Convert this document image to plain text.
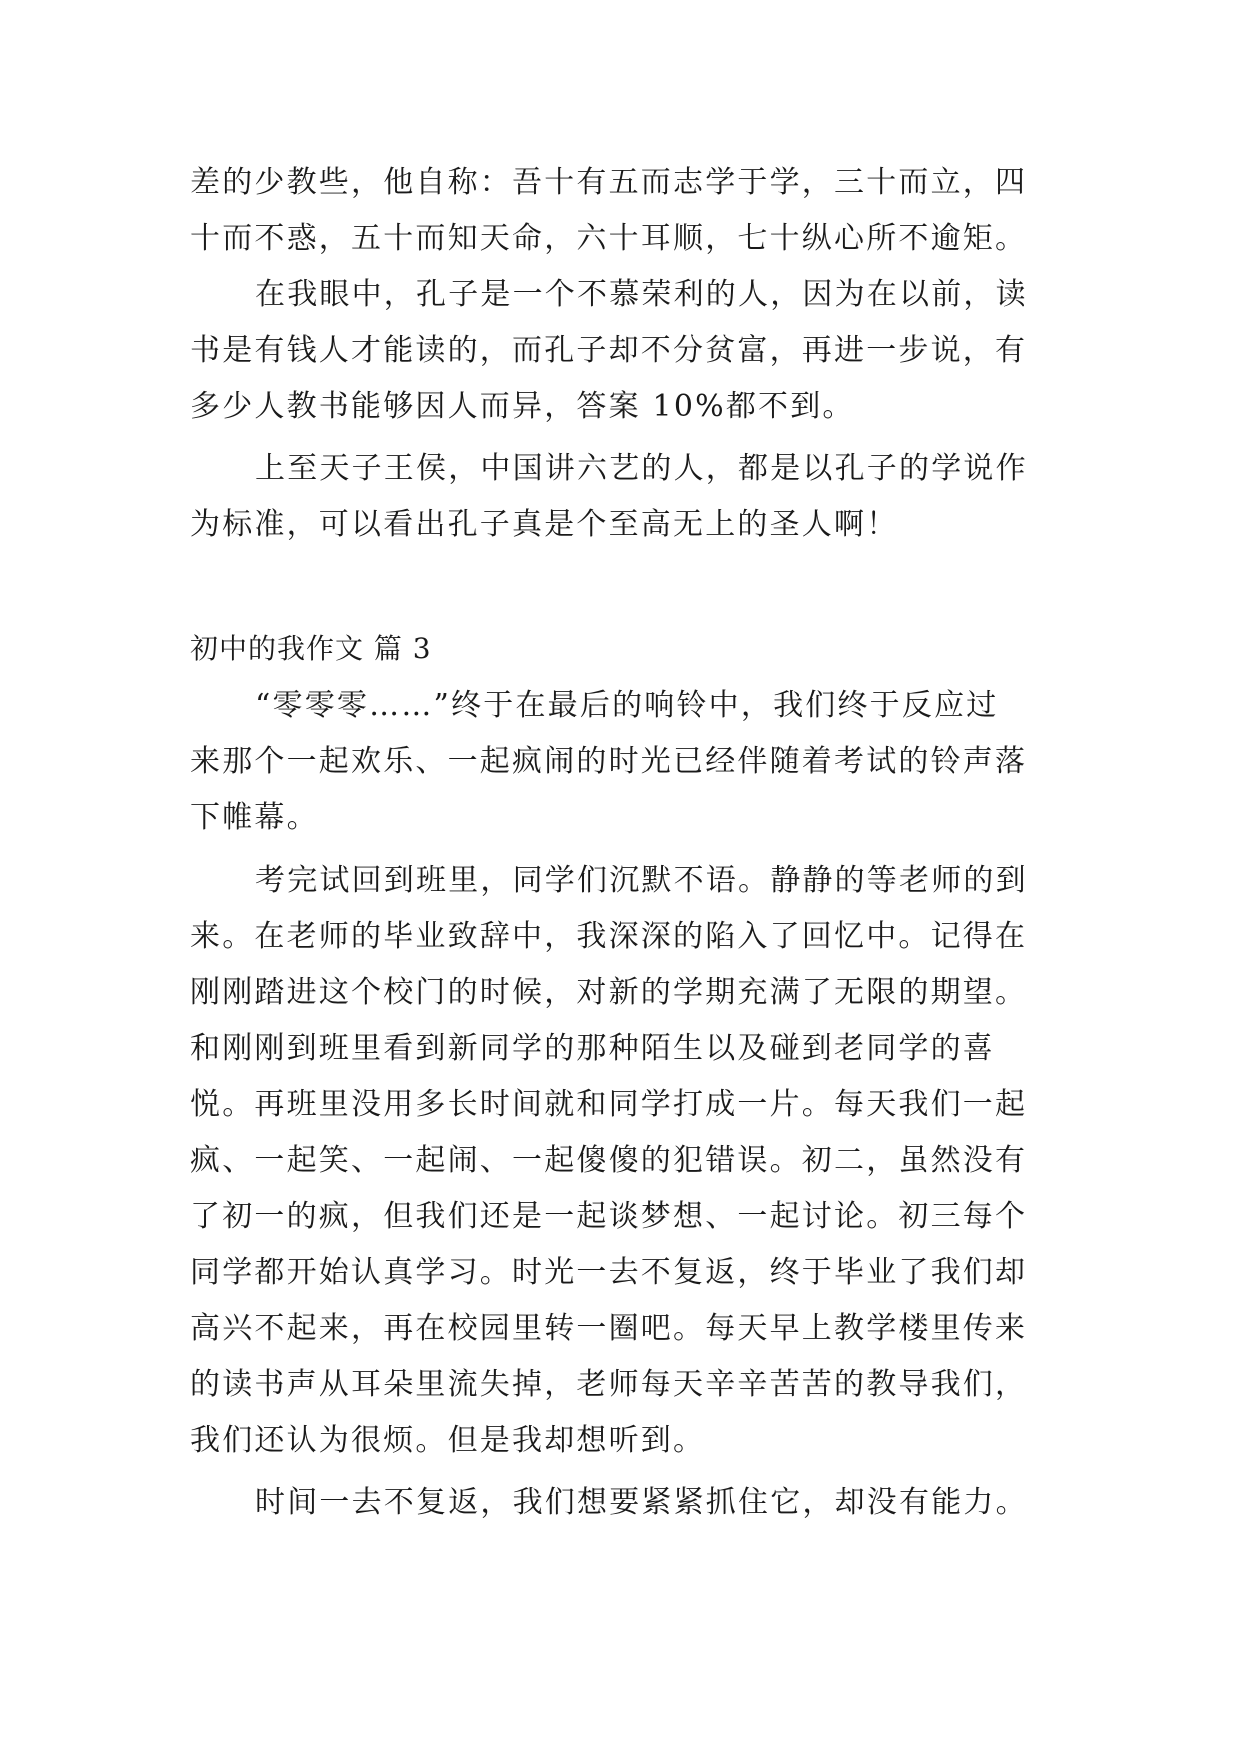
差的少教些，他自称：吾十有五而志学于学，三十而立，四
十而不惑，五十而知天命，六十耳顺，七十纵心所不逾矩。
在我眼中，孔子是一个不慕荣利的人，因为在以前，读
书是有钱人才能读的，而孔子却不分贫富，再进一步说，有
多少人教书能够因人而异，答案 10%都不到。
上至天子王侯，中国讲六艺的人，都是以孔子的学说作
为标准，可以看出孔子真是个至高无上的圣人啊！
初中的我作文 篇 3
“零零零……”终于在最后的响铃中，我们终于反应过
来那个一起欢乐、一起疯闹的时光已经伴随着考试的铃声落
下帷幕。
考完试回到班里，同学们沉默不语。静静的等老师的到
来。在老师的毕业致辞中，我深深的陷入了回忆中。记得在
刚刚踏进这个校门的时候，对新的学期充满了无限的期望。
和刚刚到班里看到新同学的那种陌生以及碰到老同学的喜
悦。再班里没用多长时间就和同学打成一片。每天我们一起
疯、一起笑、一起闹、一起傻傻的犯错误。初二，虽然没有
了初一的疯，但我们还是一起谈梦想、一起讨论。初三每个
同学都开始认真学习。时光一去不复返，终于毕业了我们却
高兴不起来，再在校园里转一圈吧。每天早上教学楼里传来
的读书声从耳朵里流失掉，老师每天辛辛苦苦的教导我们，
我们还认为很烦。但是我却想听到。
时间一去不复返，我们想要紧紧抓住它，却没有能力。
